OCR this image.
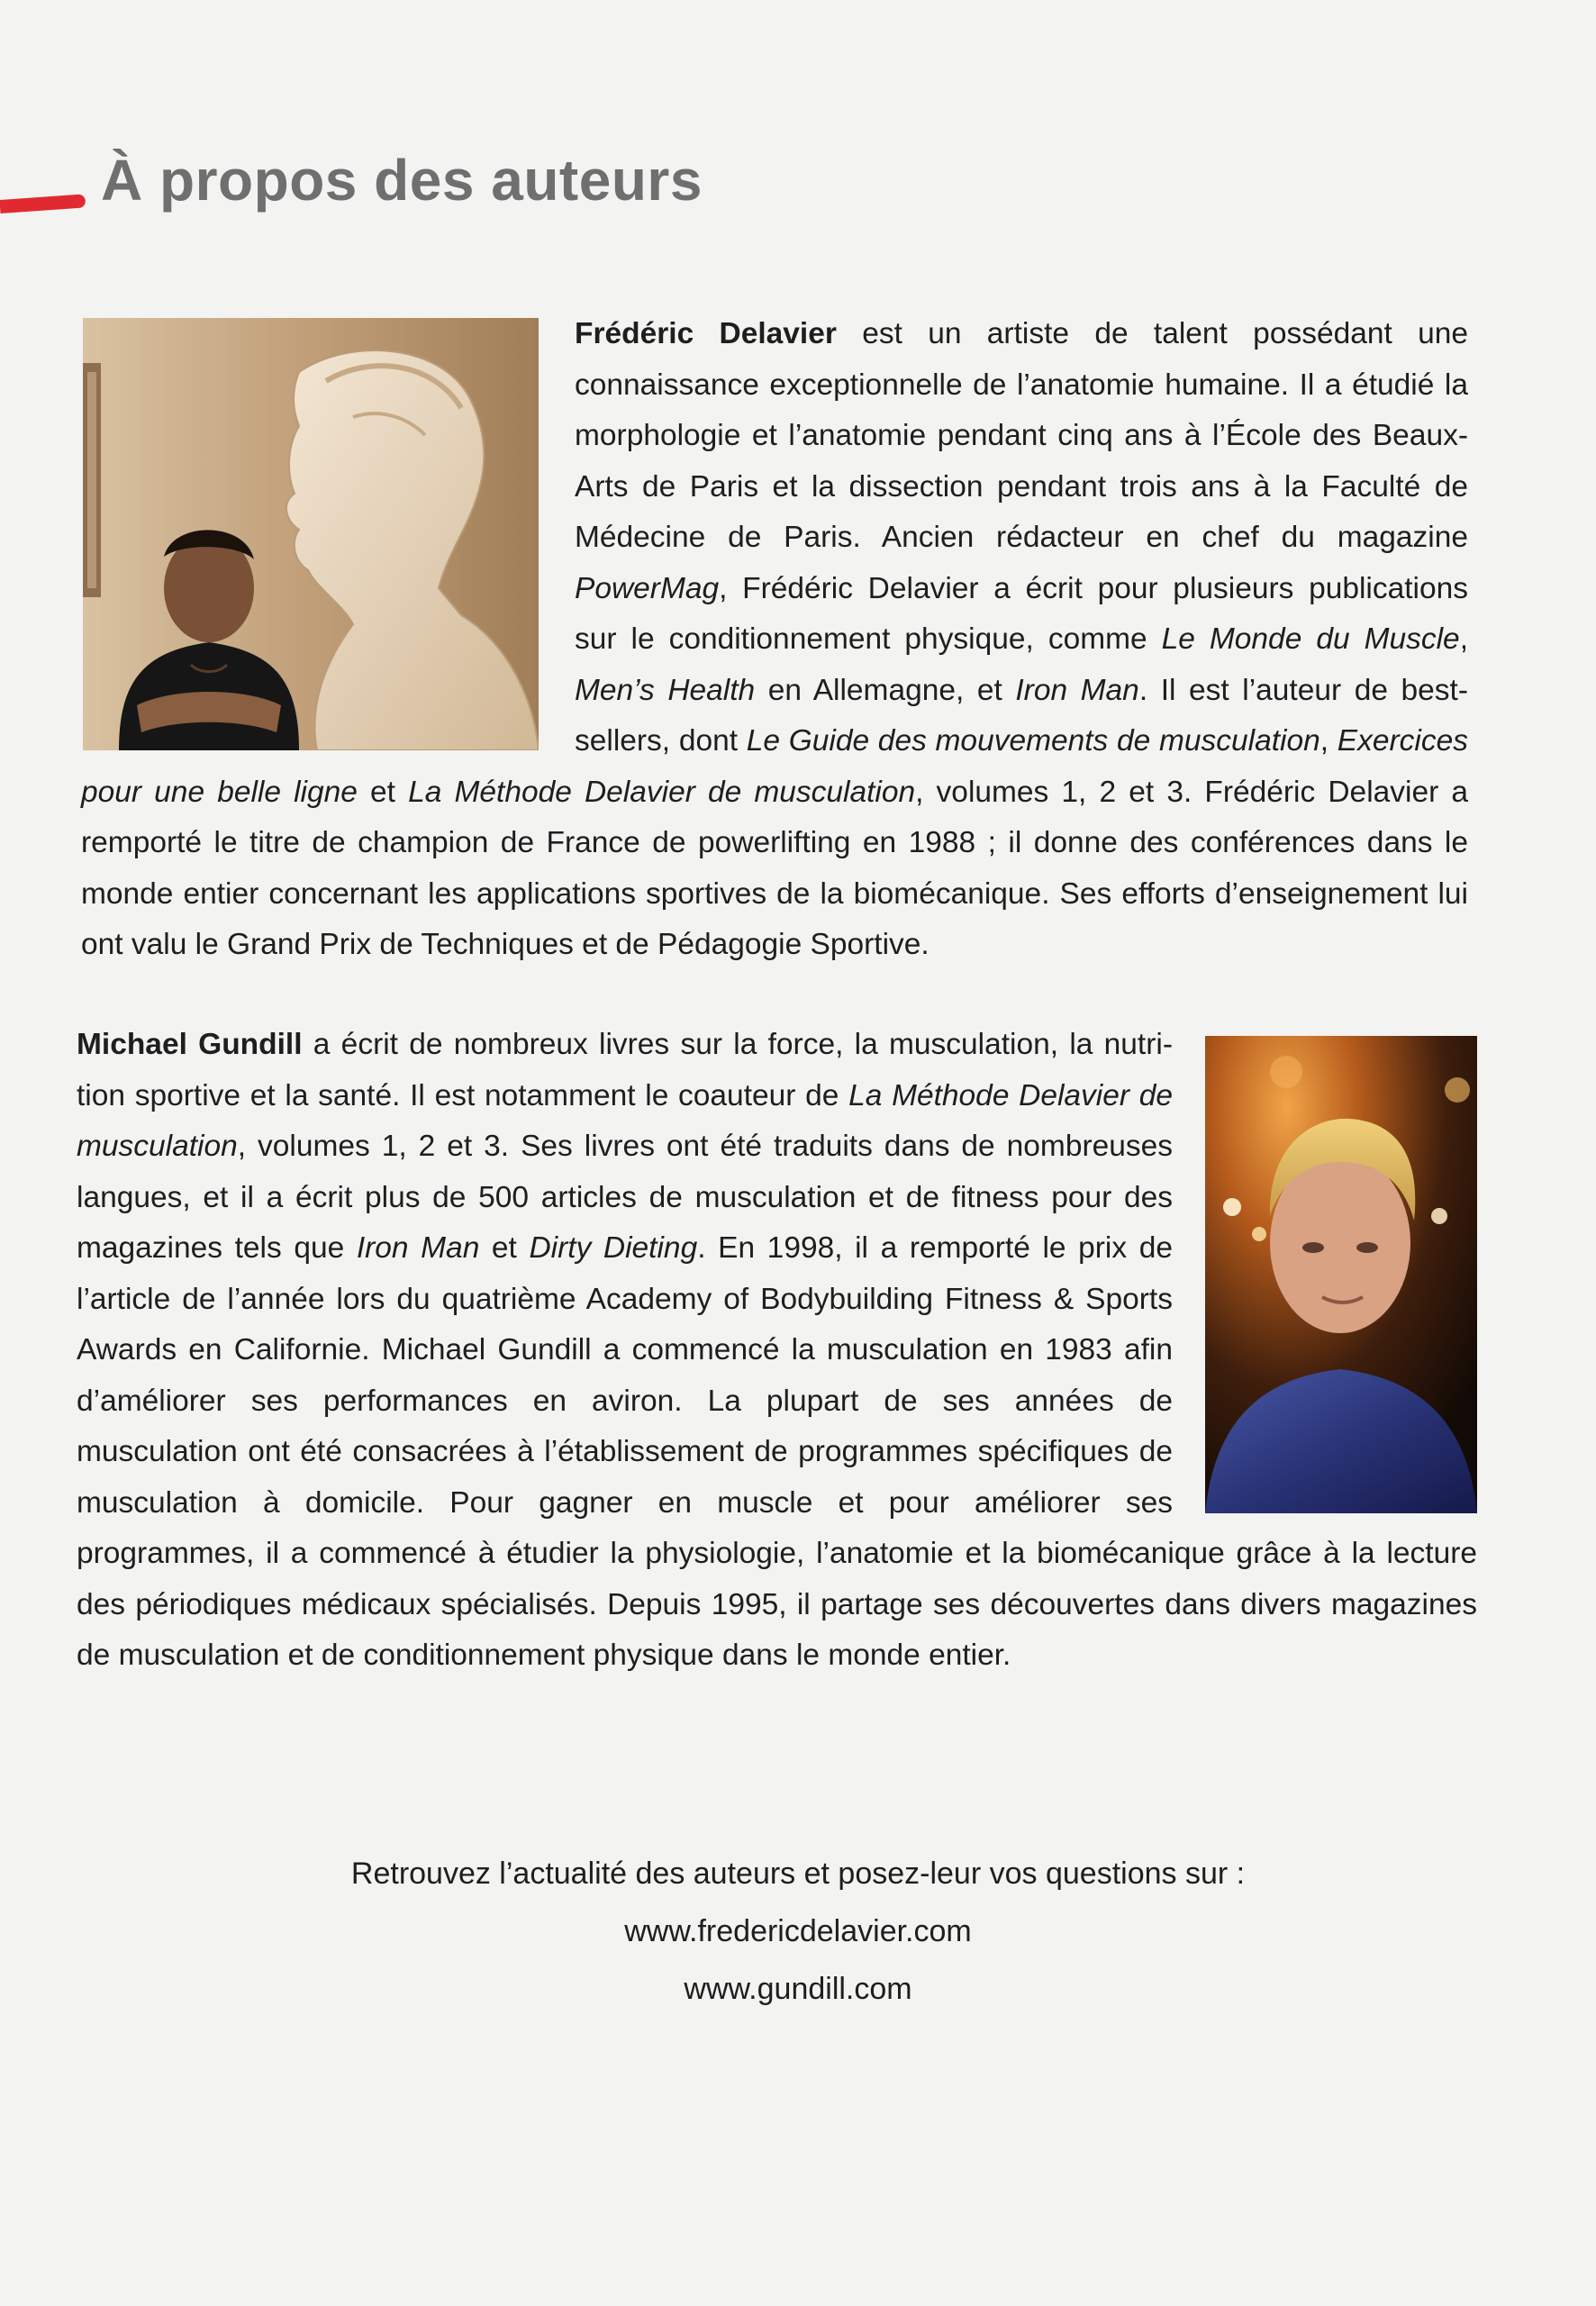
À propos des auteurs

Frédéric Delavier est un artiste de talent possédant une connaissance exceptionnelle de l’anatomie humaine. Il a étudié la morphologie et l’anatomie pendant cinq ans à l’École des Beaux-Arts de Paris et la dissection pendant trois ans à la Faculté de Médecine de Paris. Ancien rédacteur en chef du magazine PowerMag, Frédéric Delavier a écrit pour plusieurs publications sur le conditionnement physique, comme Le Monde du Muscle, Men’s Health en Allemagne, et Iron Man. Il est l’auteur de best-sellers, dont Le Guide des mouvements de musculation, Exercices pour une belle ligne et La Méthode Delavier de musculation, volumes 1, 2 et 3. Frédéric Delavier a remporté le titre de champion de France de powerlifting en 1988 ; il donne des conférences dans le monde entier concernant les applications sportives de la biomécanique. Ses efforts d’enseignement lui ont valu le Grand Prix de Techniques et de Pédagogie Sportive.

Michael Gundill a écrit de nombreux livres sur la force, la musculation, la nutrition sportive et la santé. Il est notamment le coauteur de La Méthode Delavier de musculation, volumes 1, 2 et 3. Ses livres ont été traduits dans de nombreuses langues, et il a écrit plus de 500 articles de musculation et de fitness pour des magazines tels que Iron Man et Dirty Dieting. En 1998, il a remporté le prix de l’article de l’année lors du quatrième Academy of Bodybuilding Fitness & Sports Awards en Californie. Michael Gundill a commencé la musculation en 1983 afin d’améliorer ses performances en aviron. La plupart de ses années de musculation ont été consacrées à l’établissement de programmes spécifiques de musculation à domicile. Pour gagner en muscle et pour améliorer ses programmes, il a commencé à étudier la physiologie, l’anatomie et la biomécanique grâce à la lecture des périodiques médicaux spécialisés. Depuis 1995, il partage ses découvertes dans divers magazines de musculation et de conditionnement physique dans le monde entier.

Retrouvez l’actualité des auteurs et posez-leur vos questions sur :
www.fredericdelavier.com
www.gundill.com
